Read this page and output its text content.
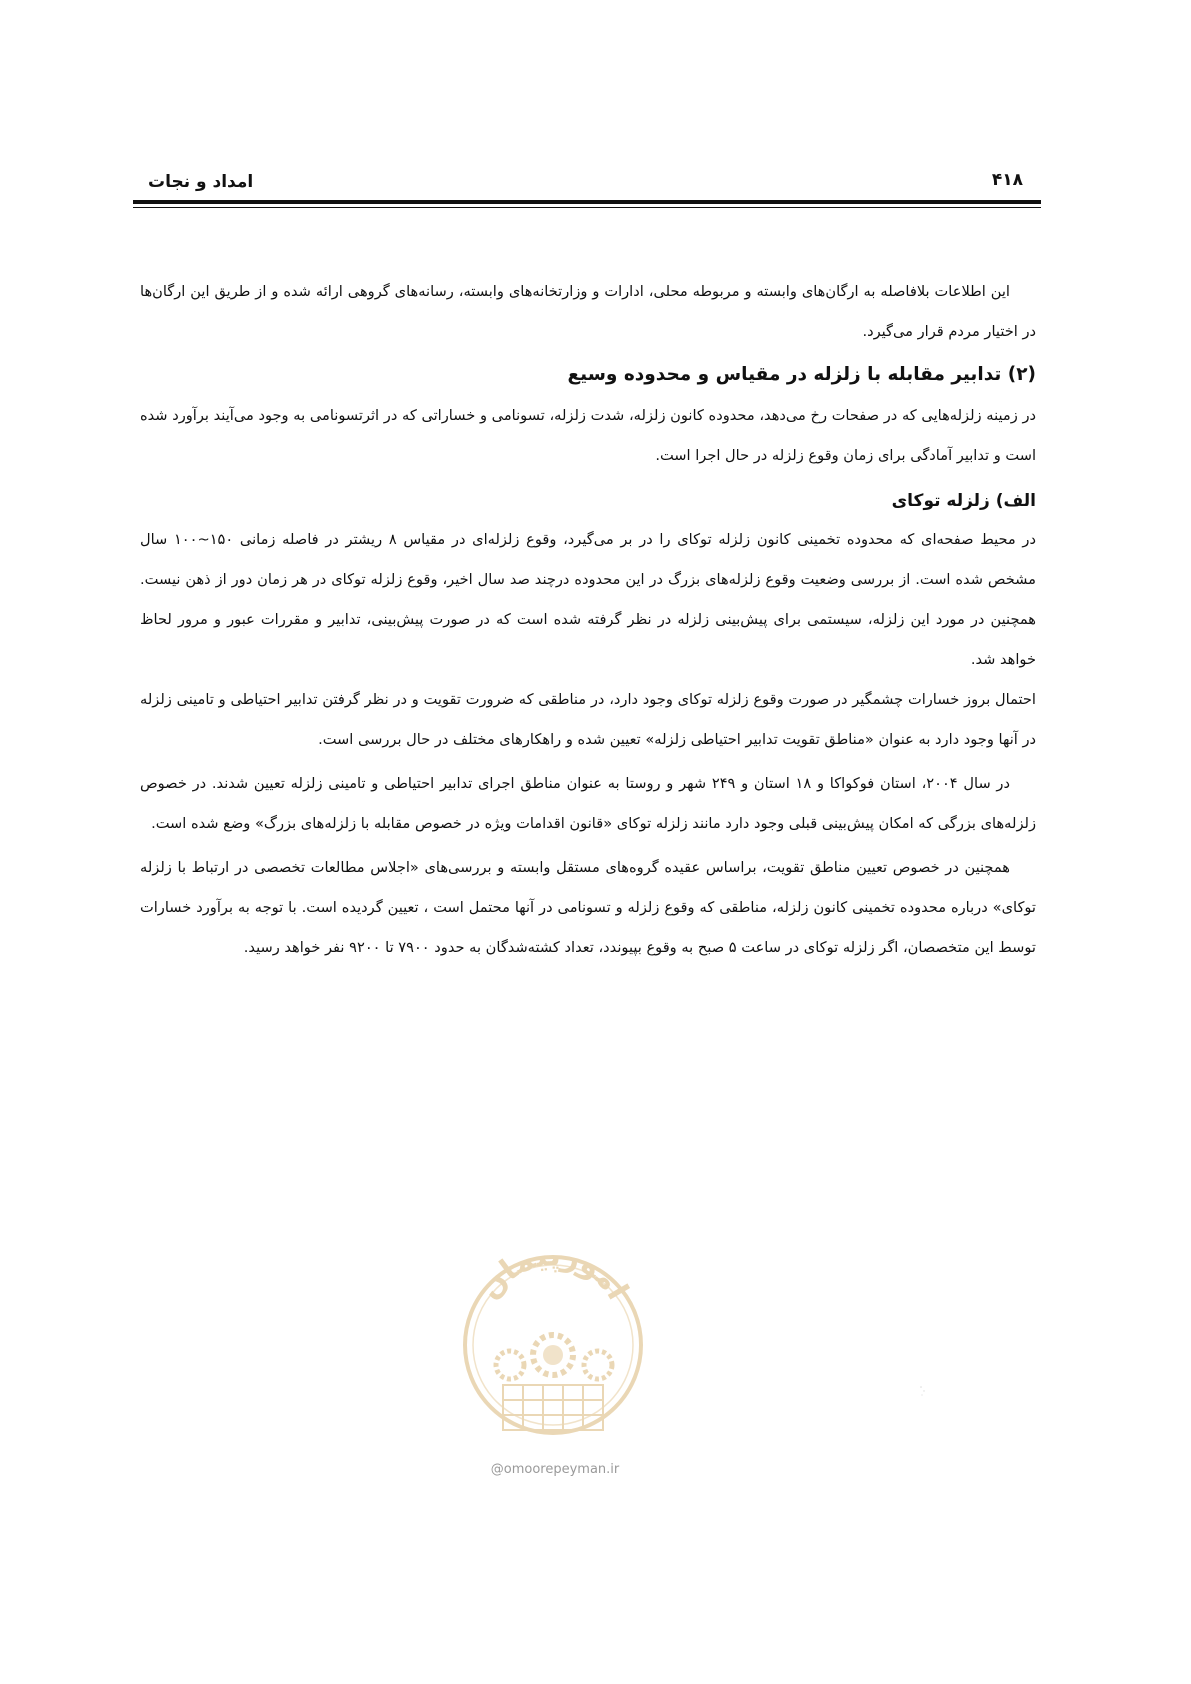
امداد و نجات	۴۱۸

این اطلاعات بلافاصله به ارگان‌های وابسته و مربوطه محلی، ادارات و وزارتخانه‌های وابسته، رسانه‌های گروهی ارائه شده و از طریق این ارگان‌ها در اختیار مردم قرار می‌گیرد.

(۲) تدابیر مقابله با زلزله در مقیاس و محدوده وسیع

در زمینه زلزله‌هایی که در صفحات رخ می‌دهد، محدوده کانون زلزله، شدت زلزله، تسونامی و خساراتی که در اثرتسونامی به وجود می‌آیند برآورد شده است و تدابیر آمادگی برای زمان وقوع زلزله در حال اجرا است.

الف) زلزله توکای

در محیط صفحه‌ای که محدوده تخمینی کانون زلزله توکای را در بر می‌گیرد، وقوع زلزله‌ای در مقیاس ۸ ریشتر در فاصله زمانی ۱۵۰~۱۰۰ سال مشخص شده است. از بررسی وضعیت وقوع زلزله‌های بزرگ در این محدوده درچند صد سال اخیر، وقوع زلزله توکای در هر زمان دور از ذهن نیست. همچنین در مورد این زلزله، سیستمی برای پیش‌بینی زلزله در نظر گرفته شده است که در صورت پیش‌بینی، تدابیر و مقررات عبور و مرور لحاظ خواهد شد.

احتمال بروز خسارات چشمگیر در صورت وقوع زلزله توکای وجود دارد، در مناطقی که ضرورت تقویت و در نظر گرفتن تدابیر احتیاطی و تامینی زلزله در آنها وجود دارد به عنوان «مناطق تقویت تدابیر احتیاطی زلزله» تعیین شده و راهکارهای مختلف در حال بررسی است.

در سال ۲۰۰۴، استان فوکواکا و ۱۸ استان و ۲۴۹ شهر و روستا به عنوان مناطق اجرای تدابیر احتیاطی و تامینی زلزله تعیین شدند. در خصوص زلزله‌های بزرگی که امکان پیش‌بینی قبلی وجود دارد مانند زلزله توکای «قانون اقدامات ویژه در خصوص مقابله با زلزله‌های بزرگ» وضع شده است.

همچنین در خصوص تعیین مناطق تقویت، براساس عقیده گروه‌های مستقل وابسته و بررسی‌های «اجلاس مطالعات تخصصی در ارتباط با زلزله توکای» درباره محدوده تخمینی کانون زلزله، مناطقی که وقوع زلزله و تسونامی در آنها محتمل است ، تعیین گردیده است. با توجه به برآورد خسارات توسط این متخصصان، اگر زلزله توکای در ساعت ۵ صبح به وقوع بپیوندد، تعداد کشته‌شدگان به حدود ۷۹۰۰ تا ۹۲۰۰ نفر خواهد رسید.

امورپیمان
@omoorepeyman.ir
